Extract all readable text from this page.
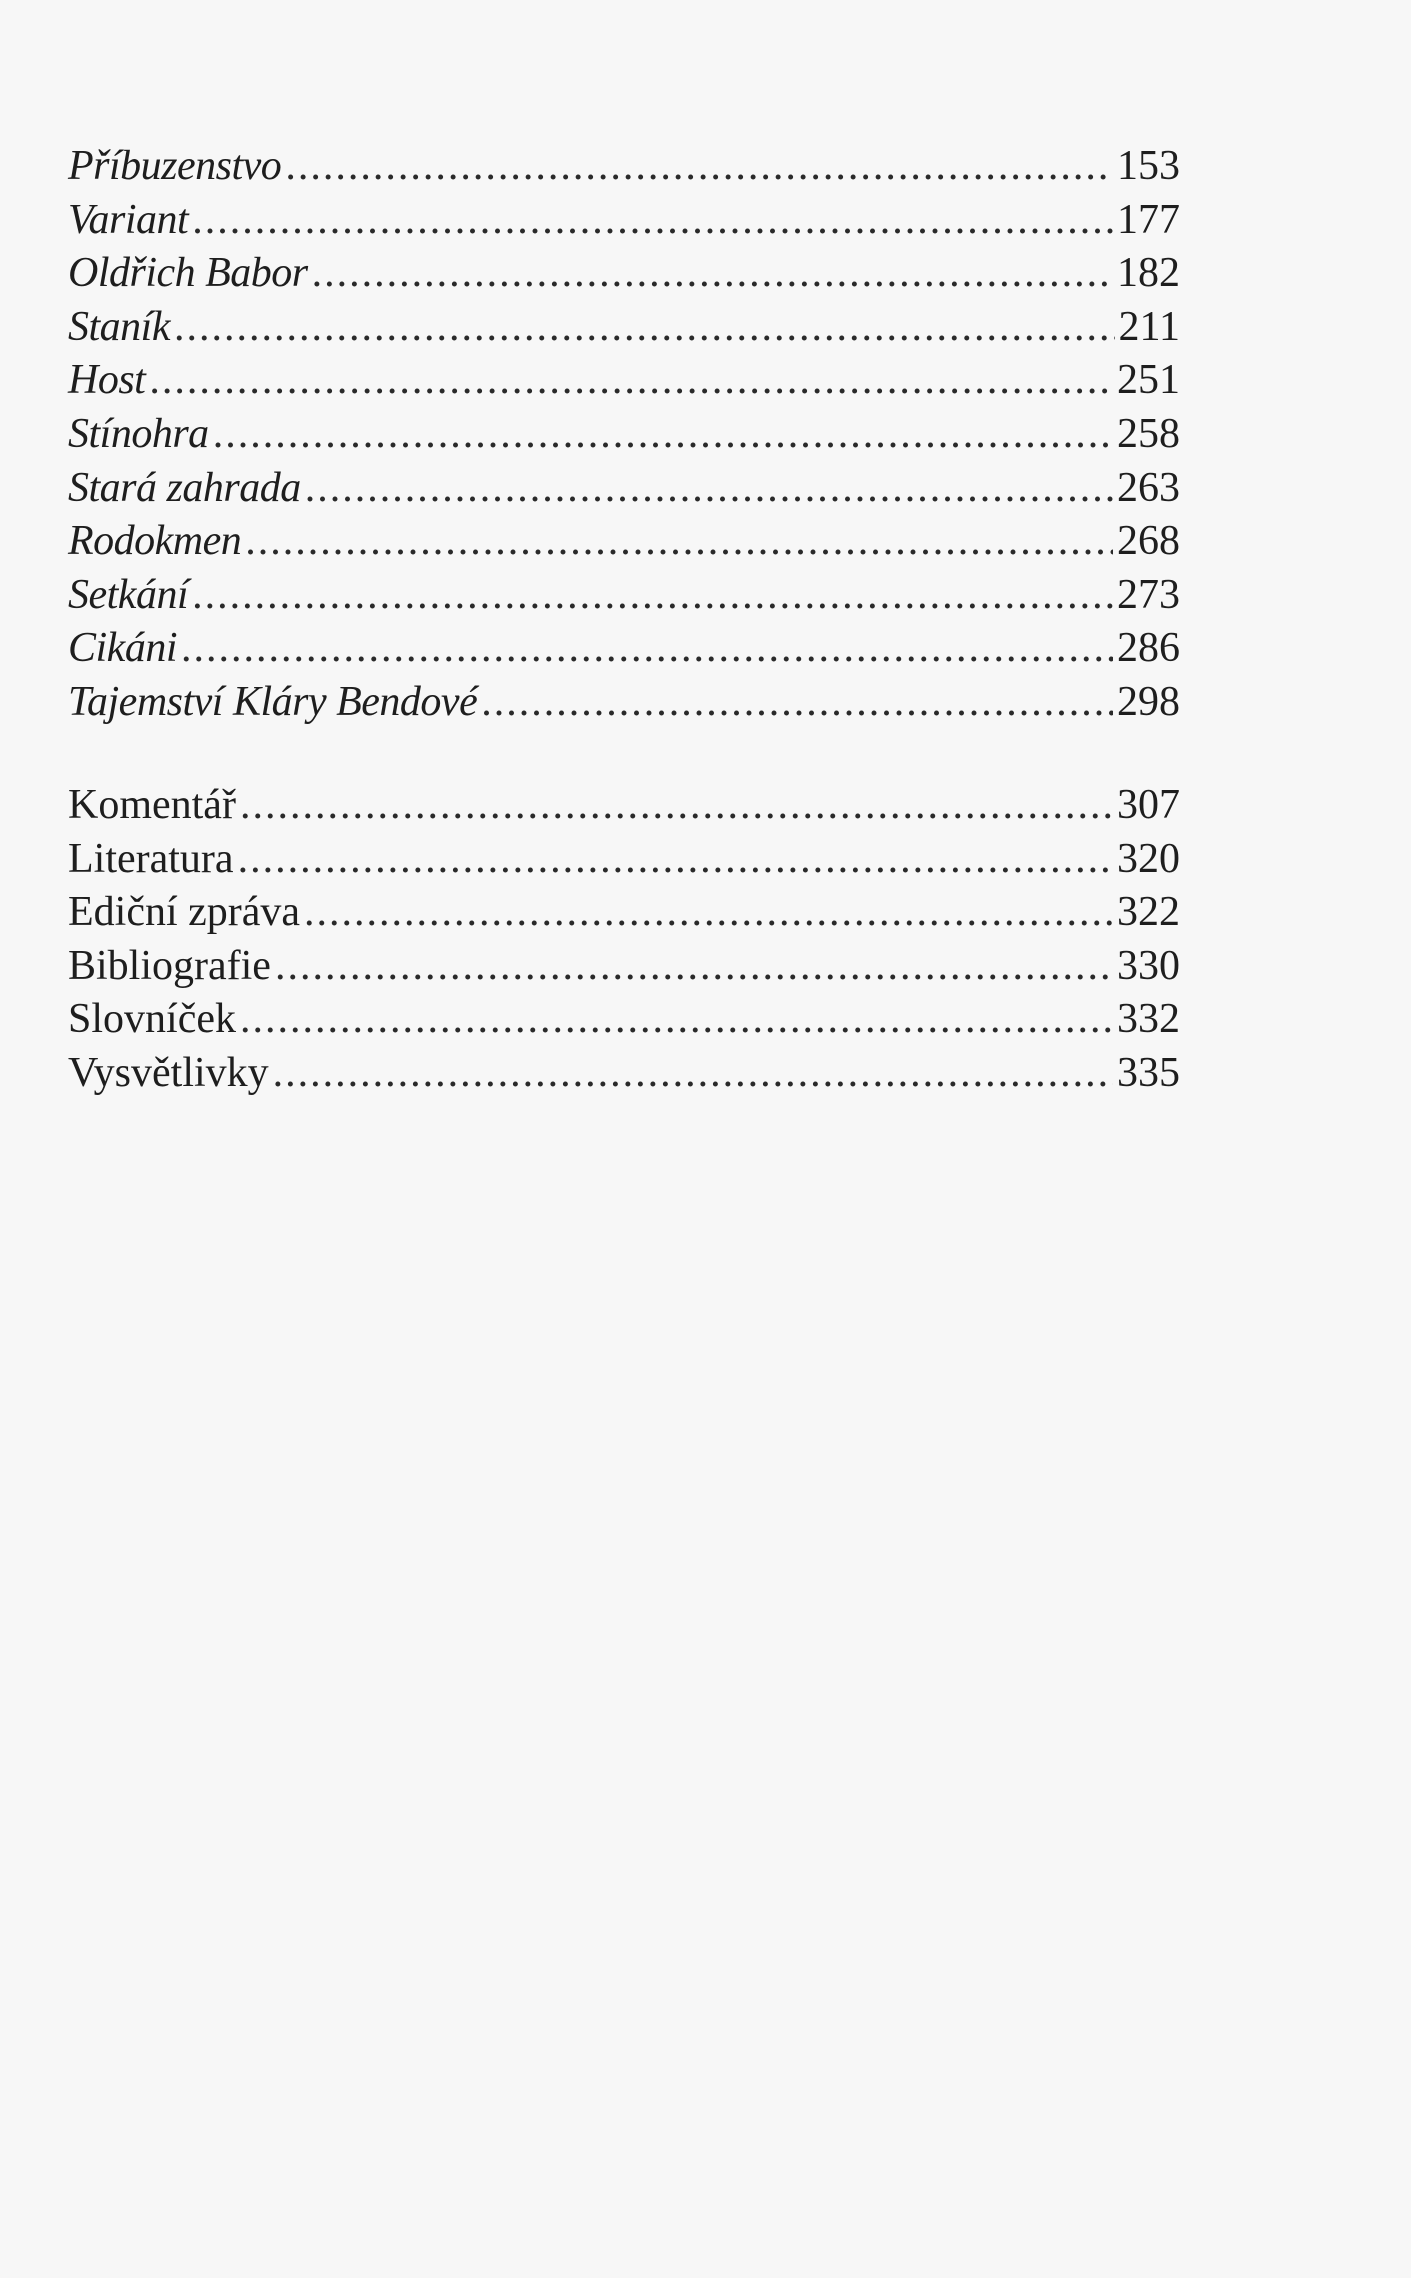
Příbuzenstvo .....	153
Variant .....	177
Oldřich Babor .....	182
Staník .....	211
Host .....	251
Stínohra .....	258
Stará zahrada .....	263
Rodokmen .....	268
Setkání .....	273
Cikáni .....	286
Tajemství Kláry Bendové .....	298
Komentář .....	307
Literatura .....	320
Ediční zpráva .....	322
Bibliografie .....	330
Slovníček .....	332
Vysvětlivky .....	335
